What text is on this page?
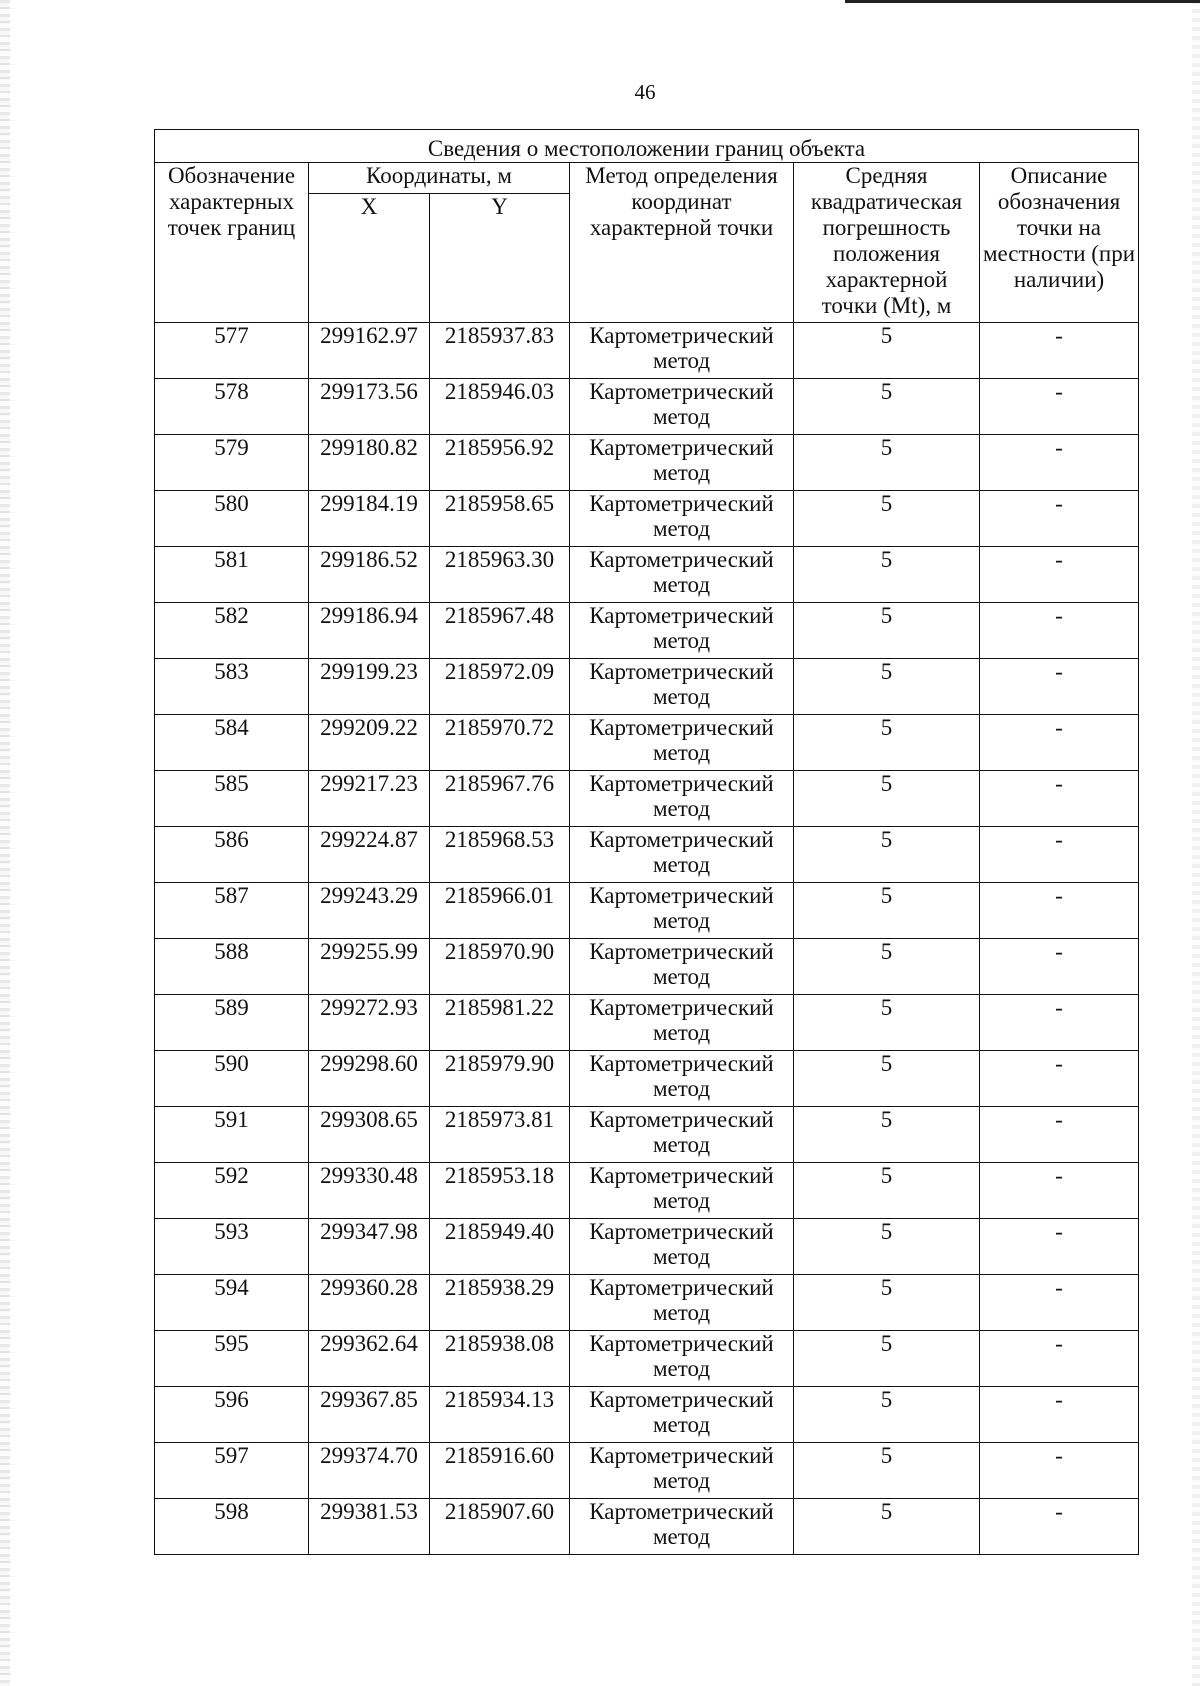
46
Сведения о местоположении границ объекта					
Обозначение характерных точек границ	Координаты, м		Метод определения координат характерной точки	Средняя квадратическая погрешность положения характерной точки (Mt), м	Описание обозначения точки на местности (при наличии)
	X	Y			
577	299162.97	2185937.83	Картометрический метод	5	-
578	299173.56	2185946.03	Картометрический метод	5	-
579	299180.82	2185956.92	Картометрический метод	5	-
580	299184.19	2185958.65	Картометрический метод	5	-
581	299186.52	2185963.30	Картометрический метод	5	-
582	299186.94	2185967.48	Картометрический метод	5	-
583	299199.23	2185972.09	Картометрический метод	5	-
584	299209.22	2185970.72	Картометрический метод	5	-
585	299217.23	2185967.76	Картометрический метод	5	-
586	299224.87	2185968.53	Картометрический метод	5	-
587	299243.29	2185966.01	Картометрический метод	5	-
588	299255.99	2185970.90	Картометрический метод	5	-
589	299272.93	2185981.22	Картометрический метод	5	-
590	299298.60	2185979.90	Картометрический метод	5	-
591	299308.65	2185973.81	Картометрический метод	5	-
592	299330.48	2185953.18	Картометрический метод	5	-
593	299347.98	2185949.40	Картометрический метод	5	-
594	299360.28	2185938.29	Картометрический метод	5	-
595	299362.64	2185938.08	Картометрический метод	5	-
596	299367.85	2185934.13	Картометрический метод	5	-
597	299374.70	2185916.60	Картометрический метод	5	-
598	299381.53	2185907.60	Картометрический метод	5	-
